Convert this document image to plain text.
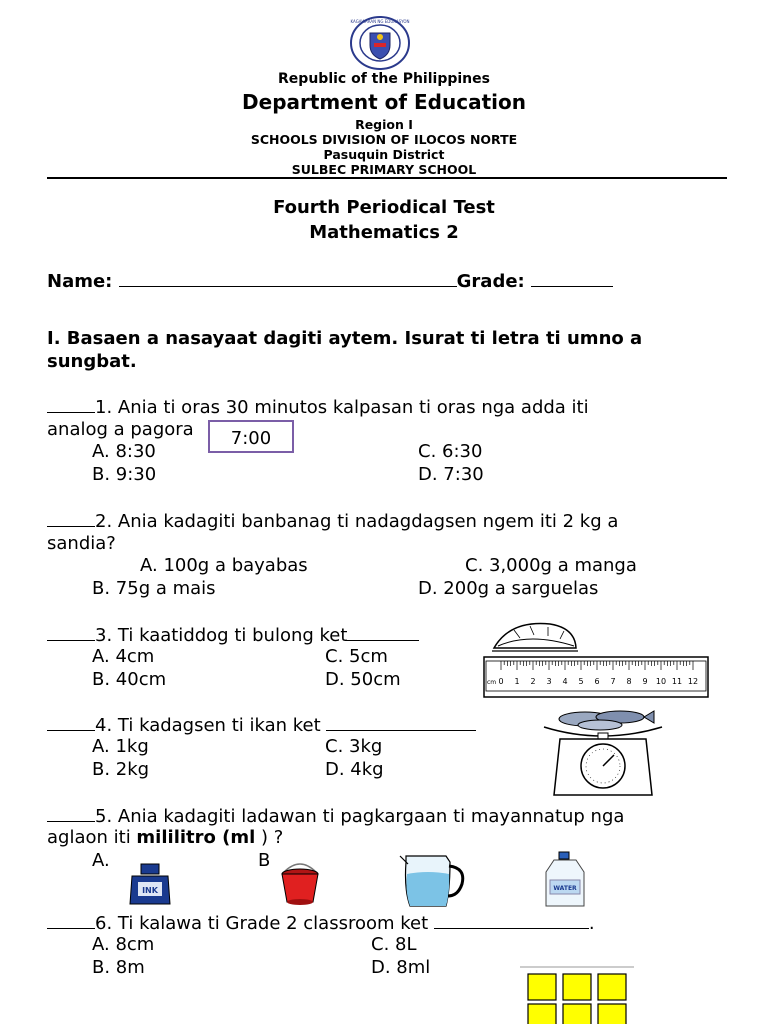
KAGAWARAN NG EDUKASYON
Republic of the Philippines
Department of Education
Region I
SCHOOLS DIVISION OF ILOCOS NORTE
Pasuquin District
SULBEC PRIMARY SCHOOL
Fourth Periodical Test
Mathematics 2
Name:	Grade:
I. Basaen a nasayaat dagiti aytem. Isurat ti letra ti umno a
sungbat.
1. Ania ti oras 30 minutos kalpasan ti oras nga adda iti
analog a pagora	7:00
A. 8:30
B. 9:30
C. 6:30
D. 7:30
2. Ania kadagiti banbanag ti nadagdagsen ngem iti 2 kg a
sandia?
A. 100g a bayabas
B. 75g a mais
C. 3,000g a manga
D. 200g a sarguelas
3. Ti kaatiddog ti bulong ket
A. 4cm
B. 40cm
C. 5cm
D. 50cm	cm 0 1 2 3 4 5 6 7 8 9 10 11 12
4. Ti kadagsen ti ikan ket
A. 1kg
B. 2kg
C. 3kg
D. 4kg
5. Ania kadagiti ladawan ti pagkargaan ti mayannatup nga
aglaon iti mililitro (ml ) ?
A.	B
INK	WATER
6. Ti kalawa ti Grade 2 classroom ket	.
A. 8cm
B. 8m
C. 8L
D. 8ml
